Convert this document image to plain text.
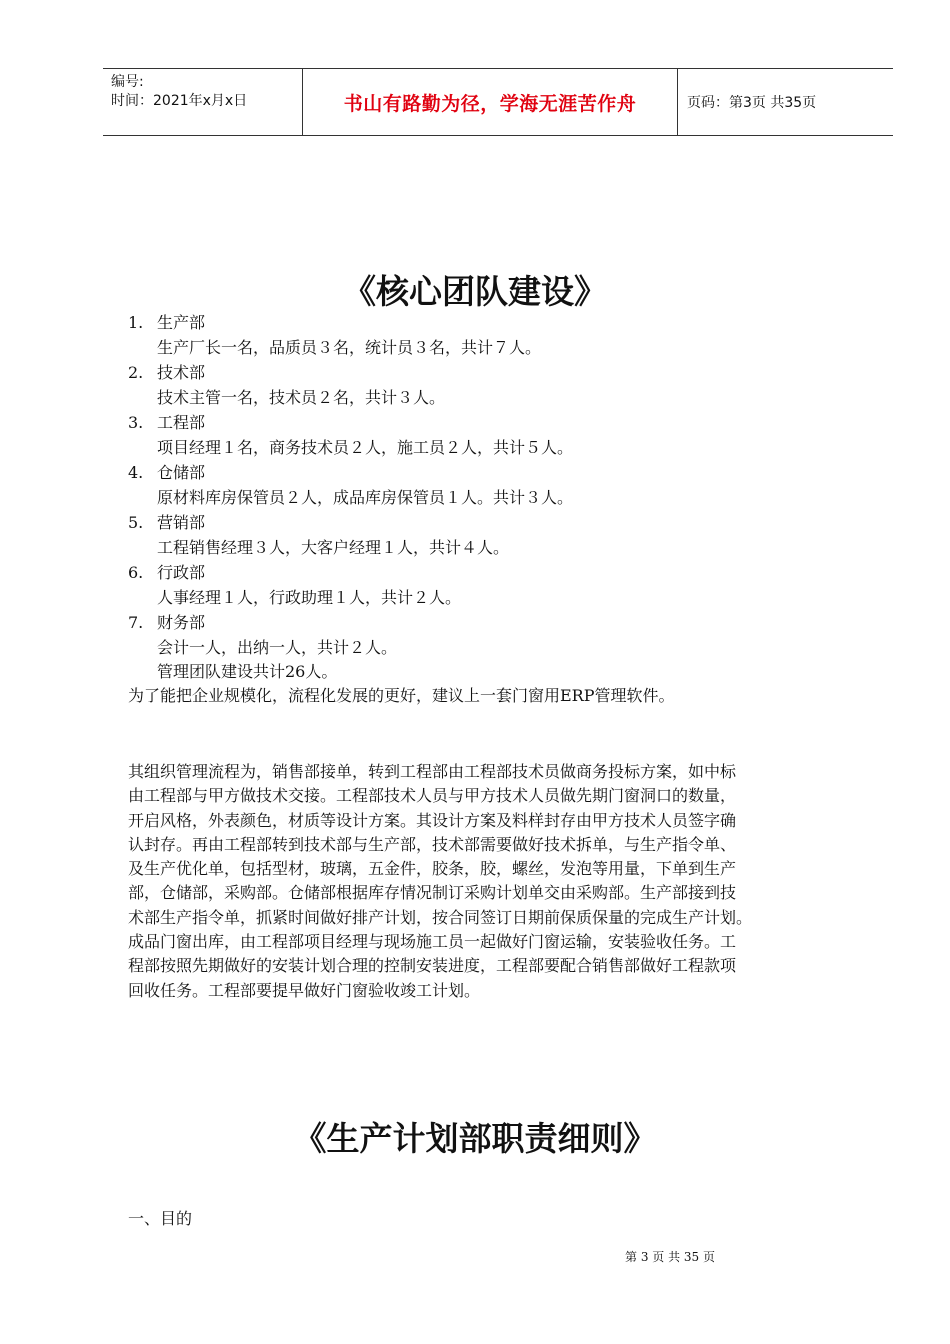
编号:
时间：2021年x月x日	书山有路勤为径，学海无涯苦作舟	页码：第3页 共35页
《核心团队建设》
1. 生产部
生产厂长一名，品质员３名，统计员３名，共计７人。
2. 技术部
技术主管一名，技术员２名，共计３人。
3. 工程部
项目经理１名，商务技术员２人，施工员２人，共计５人。
4. 仓储部
原材料库房保管员２人，成品库房保管员１人。共计３人。
5. 营销部
工程销售经理３人，大客户经理１人，共计４人。
6. 行政部
人事经理１人，行政助理１人，共计２人。
7. 财务部
会计一人，出纳一人，共计２人。
管理团队建设共计26人。
为了能把企业规模化，流程化发展的更好，建议上一套门窗用ERP管理软件。
其组织管理流程为，销售部接单，转到工程部由工程部技术员做商务投标方案，如中标
由工程部与甲方做技术交接。工程部技术人员与甲方技术人员做先期门窗洞口的数量，
开启风格，外表颜色，材质等设计方案。其设计方案及料样封存由甲方技术人员签字确
认封存。再由工程部转到技术部与生产部，技术部需要做好技术拆单，与生产指令单、
及生产优化单，包括型材，玻璃，五金件，胶条，胶，螺丝，发泡等用量，下单到生产
部，仓储部，采购部。仓储部根据库存情况制订采购计划单交由采购部。生产部接到技
术部生产指令单，抓紧时间做好排产计划，按合同签订日期前保质保量的完成生产计划。
成品门窗出库，由工程部项目经理与现场施工员一起做好门窗运输，安装验收任务。工
程部按照先期做好的安装计划合理的控制安装进度，工程部要配合销售部做好工程款项
回收任务。工程部要提早做好门窗验收竣工计划。
《生产计划部职责细则》
一、目的
第 3 页 共 35 页
